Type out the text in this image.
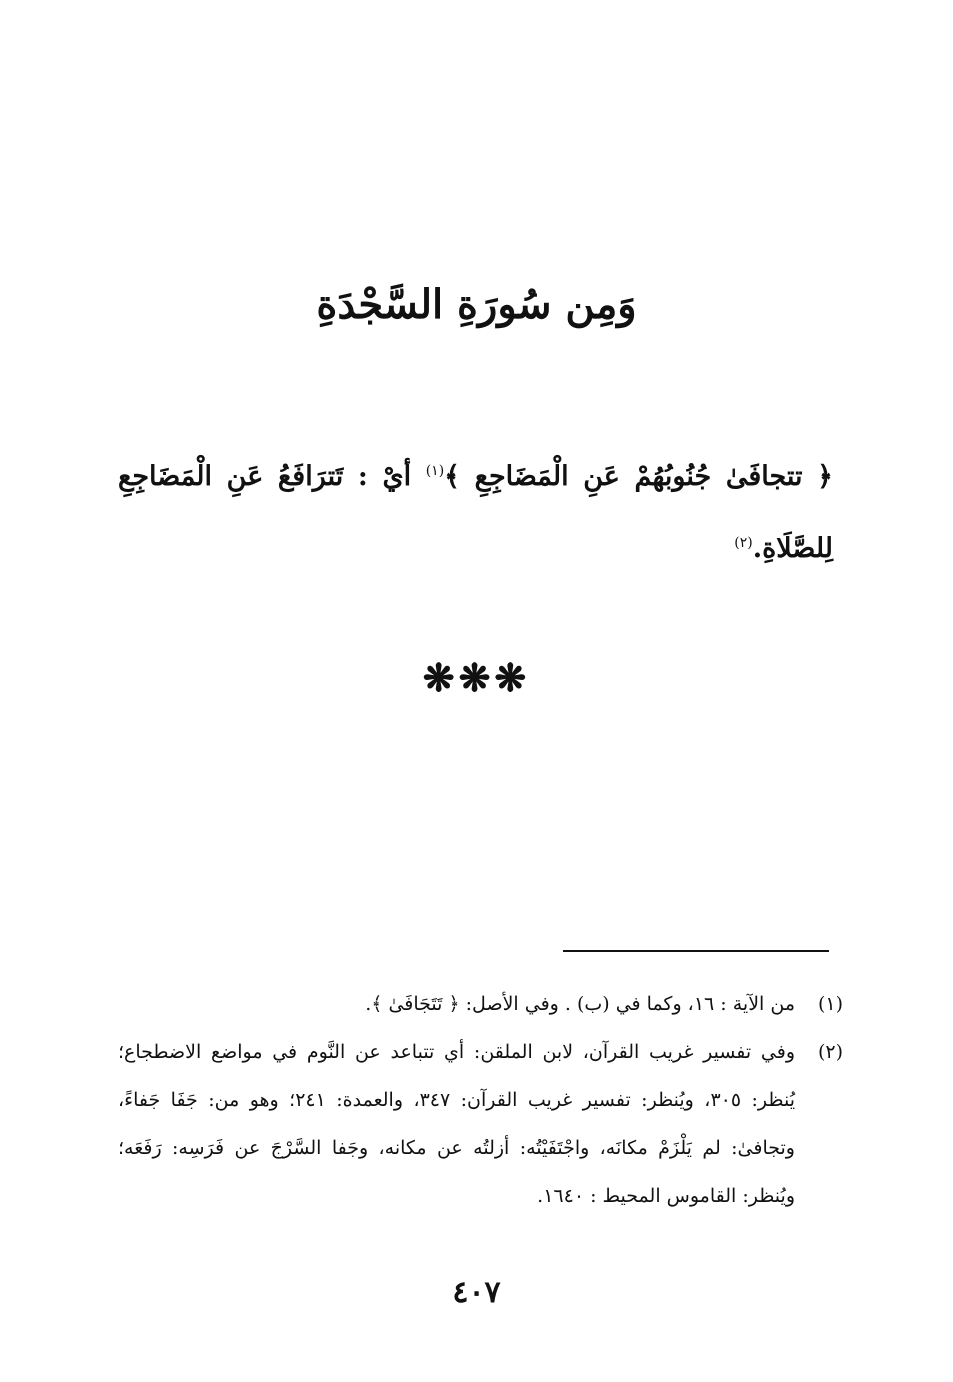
وَمِن سُورَةِ السَّجْدَةِ
﴿ تتجافَىٰ جُنُوبُهُمْ عَنِ الْمَضَاجِعِ ﴾$^{(١)}$ أيْ : تَترَافَعُ عَنِ الْمَضَاجِعِ لِلصَّلَاةِ.$^{(٢)}$
❋❋❋
(١)
من الآية : ١٦، وكما في (ب) . وفي الأصل: ﴿ تَتَجَافَىٰ ﴾.
(٢)
وفي تفسير غريب القرآن، لابن الملقن: أي تتباعد عن النَّوم في مواضع الاضطجاع؛ يُنظر: ٣٠٥، ويُنظر: تفسير غريب القرآن: ٣٤٧، والعمدة: ٢٤١؛ وهو من: جَفَا جَفاءً، وتجافىٰ: لم يَلْزَمْ مكانَه، واجْتَفَيْتُه: أزلتُه عن مكانه، وجَفا السَّرْجَ عن فَرَسِه: رَفَعَه؛ ويُنظر: القاموس المحيط : ١٦٤٠.
٤٠٧
